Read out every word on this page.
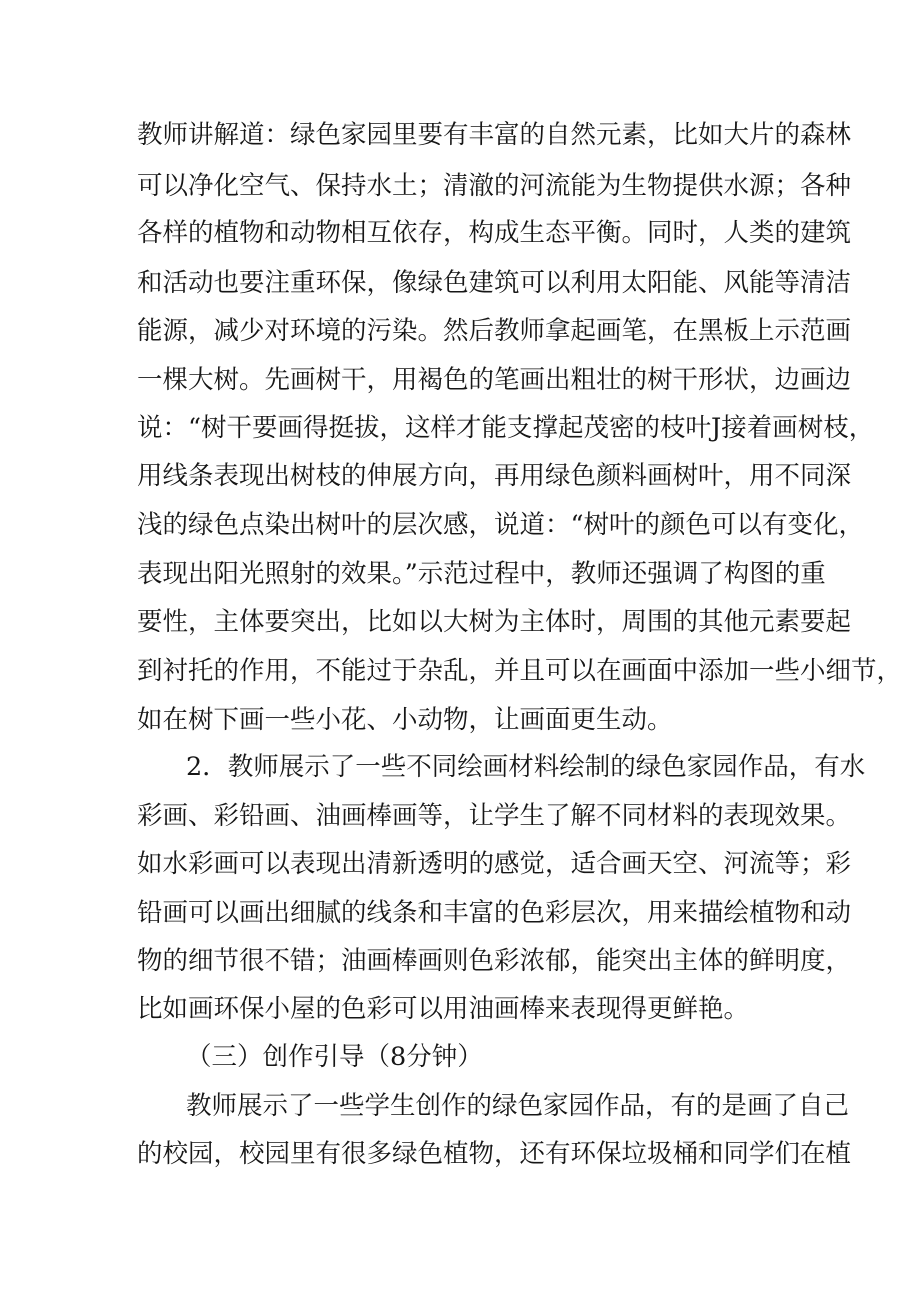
教师讲解道：绿色家园里要有丰富的自然元素，比如大片的森林
可以净化空气、保持水土；清澈的河流能为生物提供水源；各种
各样的植物和动物相互依存，构成生态平衡。同时，人类的建筑
和活动也要注重环保，像绿色建筑可以利用太阳能、风能等清洁
能源，减少对环境的污染。然后教师拿起画笔，在黑板上示范画
一棵大树。先画树干，用褐色的笔画出粗壮的树干形状，边画边
说：“树干要画得挺拔，这样才能支撑起茂密的枝叶J接着画树枝，
用线条表现出树枝的伸展方向，再用绿色颜料画树叶，用不同深
浅的绿色点染出树叶的层次感，说道：“树叶的颜色可以有变化，
表现出阳光照射的效果。”示范过程中，教师还强调了构图的重
要性，主体要突出，比如以大树为主体时，周围的其他元素要起
到衬托的作用，不能过于杂乱，并且可以在画面中添加一些小细节，
如在树下画一些小花、小动物，让画面更生动。
2．教师展示了一些不同绘画材料绘制的绿色家园作品，有水
彩画、彩铅画、油画棒画等，让学生了解不同材料的表现效果。
如水彩画可以表现出清新透明的感觉，适合画天空、河流等；彩
铅画可以画出细腻的线条和丰富的色彩层次，用来描绘植物和动
物的细节很不错；油画棒画则色彩浓郁，能突出主体的鲜明度，
比如画环保小屋的色彩可以用油画棒来表现得更鲜艳。
（三）创作引导（8分钟）
教师展示了一些学生创作的绿色家园作品，有的是画了自己
的校园，校园里有很多绿色植物，还有环保垃圾桶和同学们在植
